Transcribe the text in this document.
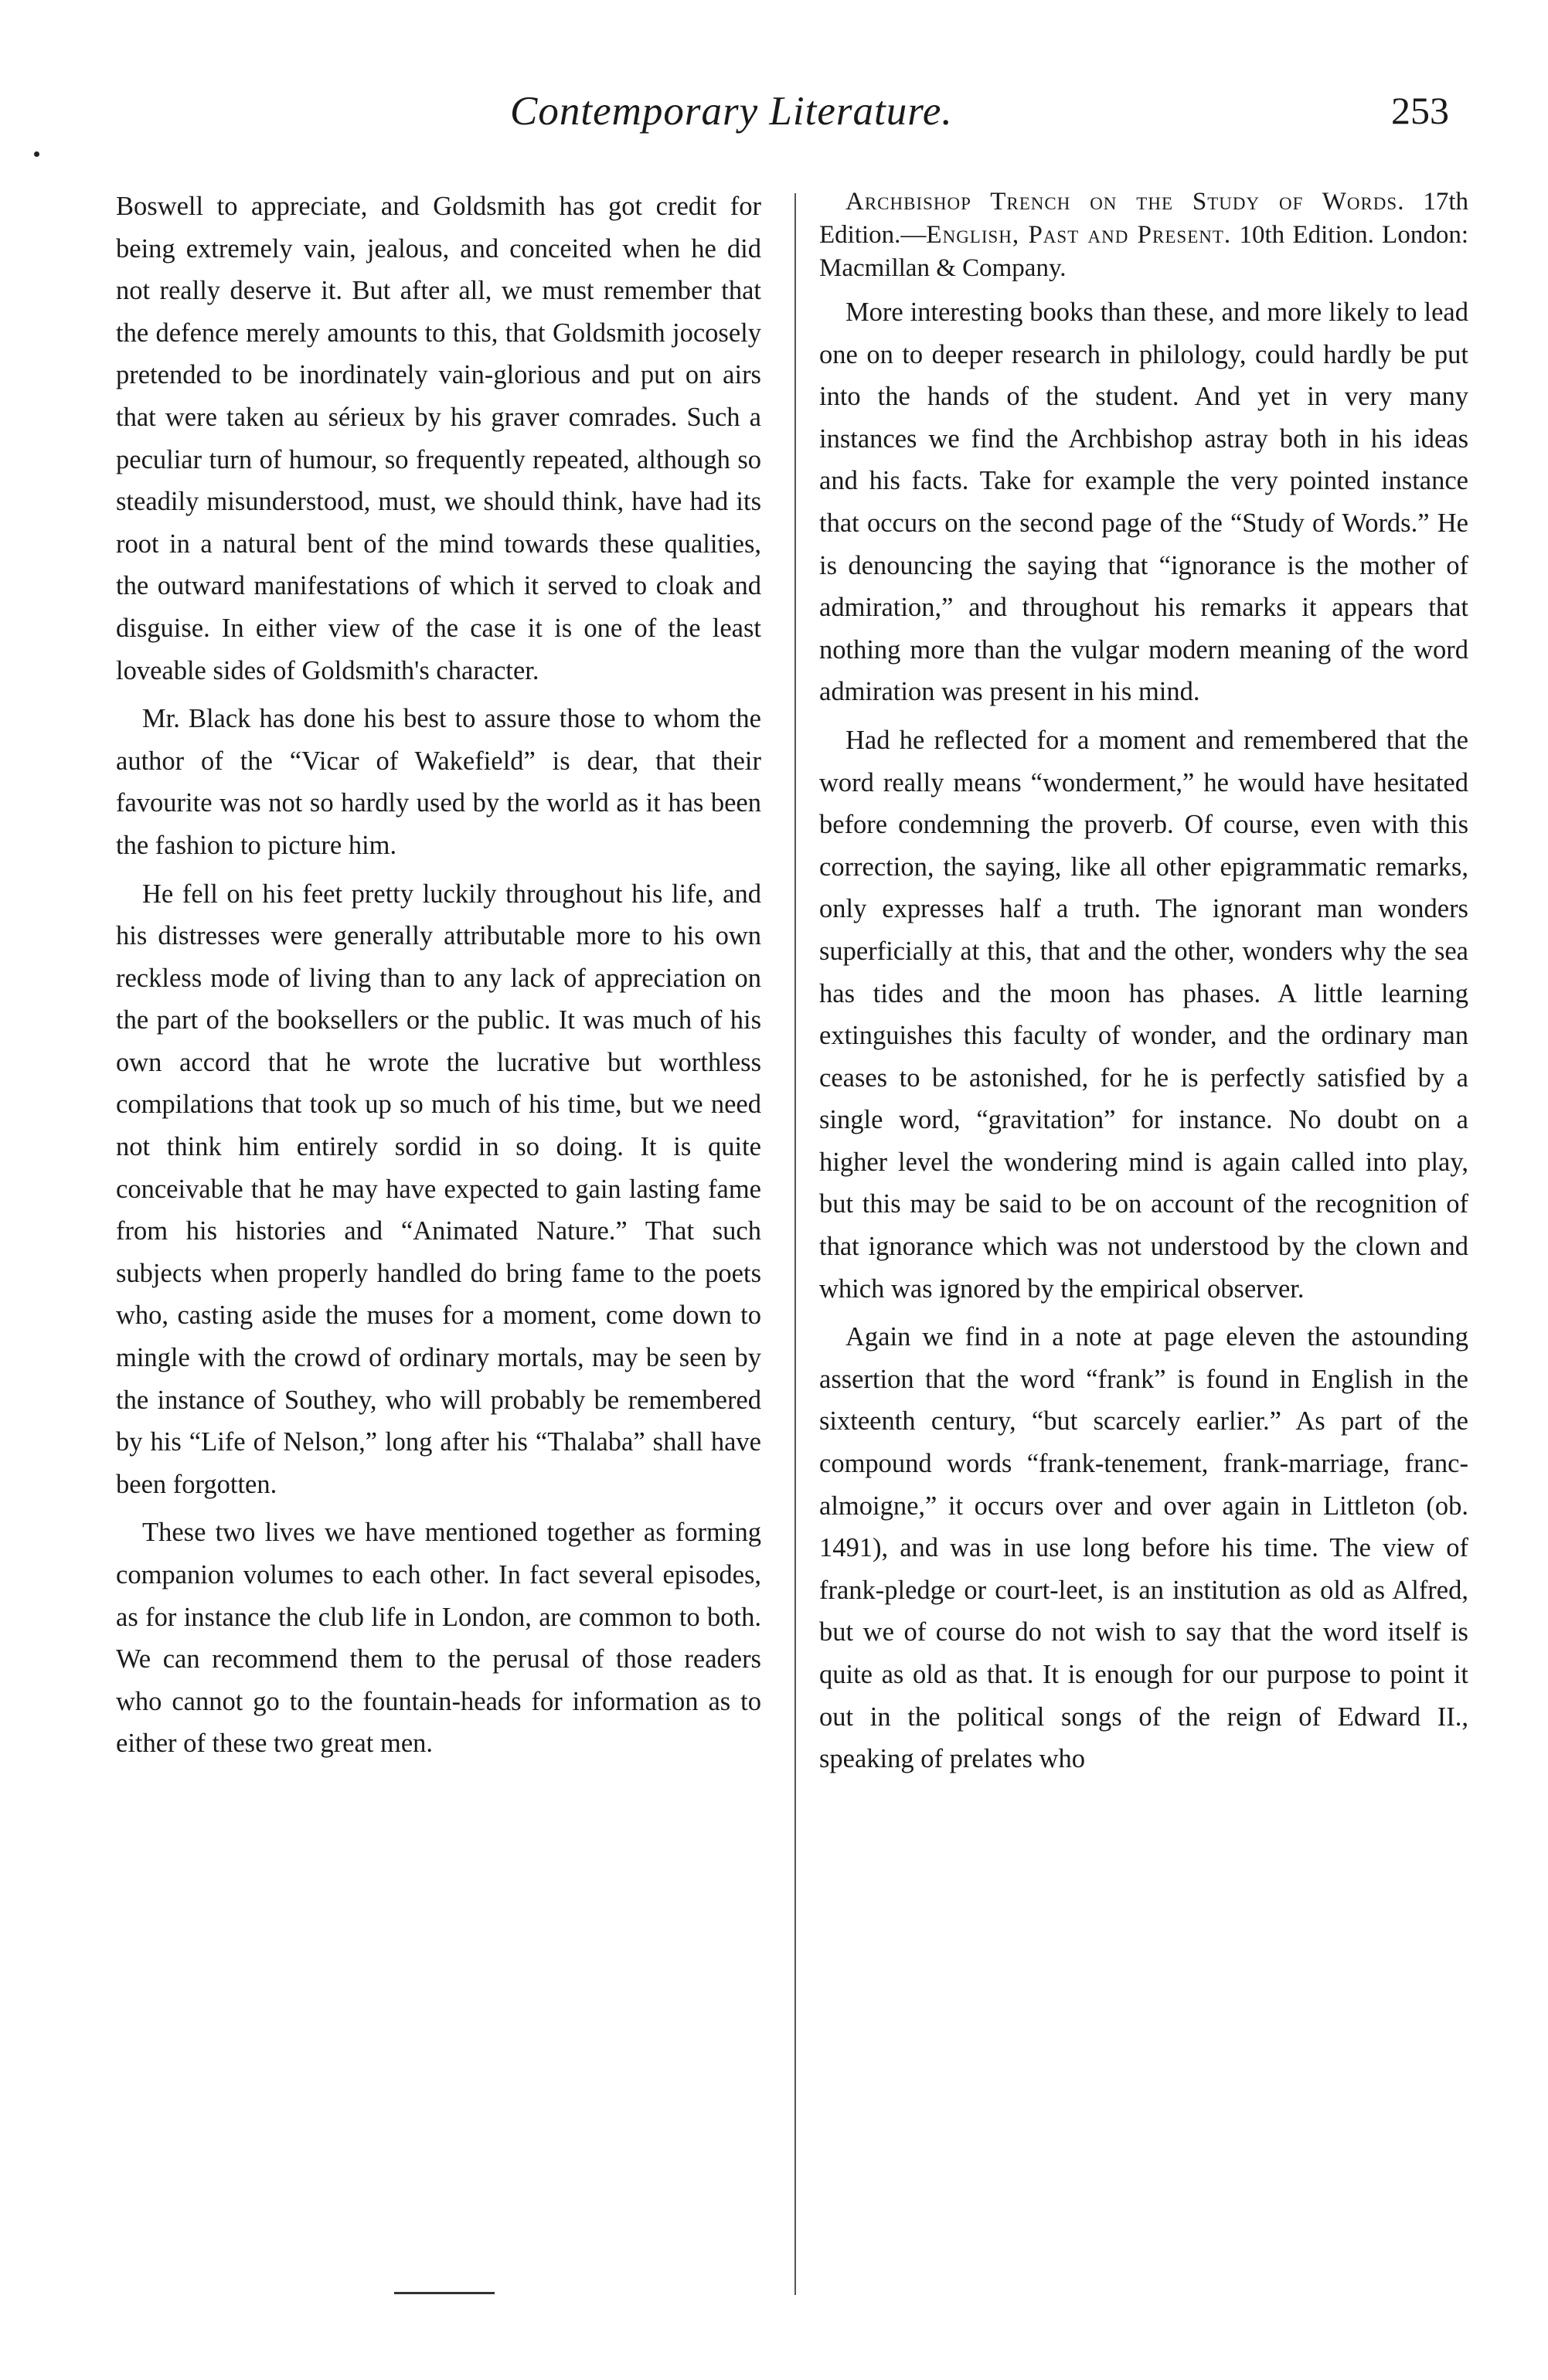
Contemporary Literature.	253

Boswell to appreciate, and Goldsmith has got credit for being extremely vain, jealous, and conceited when he did not really deserve it. But after all, we must remember that the defence merely amounts to this, that Goldsmith jocosely pretended to be inordinately vain-glorious and put on airs that were taken au sérieux by his graver comrades. Such a peculiar turn of humour, so frequently repeated, although so steadily misunderstood, must, we should think, have had its root in a natural bent of the mind towards these qualities, the outward manifestations of which it served to cloak and disguise. In either view of the case it is one of the least loveable sides of Goldsmith's character.

Mr. Black has done his best to assure those to whom the author of the “Vicar of Wakefield” is dear, that their favourite was not so hardly used by the world as it has been the fashion to picture him.

He fell on his feet pretty luckily throughout his life, and his distresses were generally attributable more to his own reckless mode of living than to any lack of appreciation on the part of the booksellers or the public. It was much of his own accord that he wrote the lucrative but worthless compilations that took up so much of his time, but we need not think him entirely sordid in so doing. It is quite conceivable that he may have expected to gain lasting fame from his histories and “Animated Nature.” That such subjects when properly handled do bring fame to the poets who, casting aside the muses for a moment, come down to mingle with the crowd of ordinary mortals, may be seen by the instance of Southey, who will probably be remembered by his “Life of Nelson,” long after his “Thalaba” shall have been forgotten.

These two lives we have mentioned together as forming companion volumes to each other. In fact several episodes, as for instance the club life in London, are common to both. We can recommend them to the perusal of those readers who cannot go to the fountain-heads for information as to either of these two great men.

Archbishop Trench on the Study of Words. 17th Edition.—English, Past and Present. 10th Edition. London: Macmillan & Company.

More interesting books than these, and more likely to lead one on to deeper research in philology, could hardly be put into the hands of the student. And yet in very many instances we find the Archbishop astray both in his ideas and his facts. Take for example the very pointed instance that occurs on the second page of the “Study of Words.” He is denouncing the saying that “ignorance is the mother of admiration,” and throughout his remarks it appears that nothing more than the vulgar modern meaning of the word admiration was present in his mind.

Had he reflected for a moment and remembered that the word really means “wonderment,” he would have hesitated before condemning the proverb. Of course, even with this correction, the saying, like all other epigrammatic remarks, only expresses half a truth. The ignorant man wonders superficially at this, that and the other, wonders why the sea has tides and the moon has phases. A little learning extinguishes this faculty of wonder, and the ordinary man ceases to be astonished, for he is perfectly satisfied by a single word, “gravitation” for instance. No doubt on a higher level the wondering mind is again called into play, but this may be said to be on account of the recognition of that ignorance which was not understood by the clown and which was ignored by the empirical observer.

Again we find in a note at page eleven the astounding assertion that the word “frank” is found in English in the sixteenth century, “but scarcely earlier.” As part of the compound words “frank-tenement, frank-marriage, franc-almoigne,” it occurs over and over again in Littleton (ob. 1491), and was in use long before his time. The view of frank-pledge or court-leet, is an institution as old as Alfred, but we of course do not wish to say that the word itself is quite as old as that. It is enough for our purpose to point it out in the political songs of the reign of Edward II., speaking of prelates who
